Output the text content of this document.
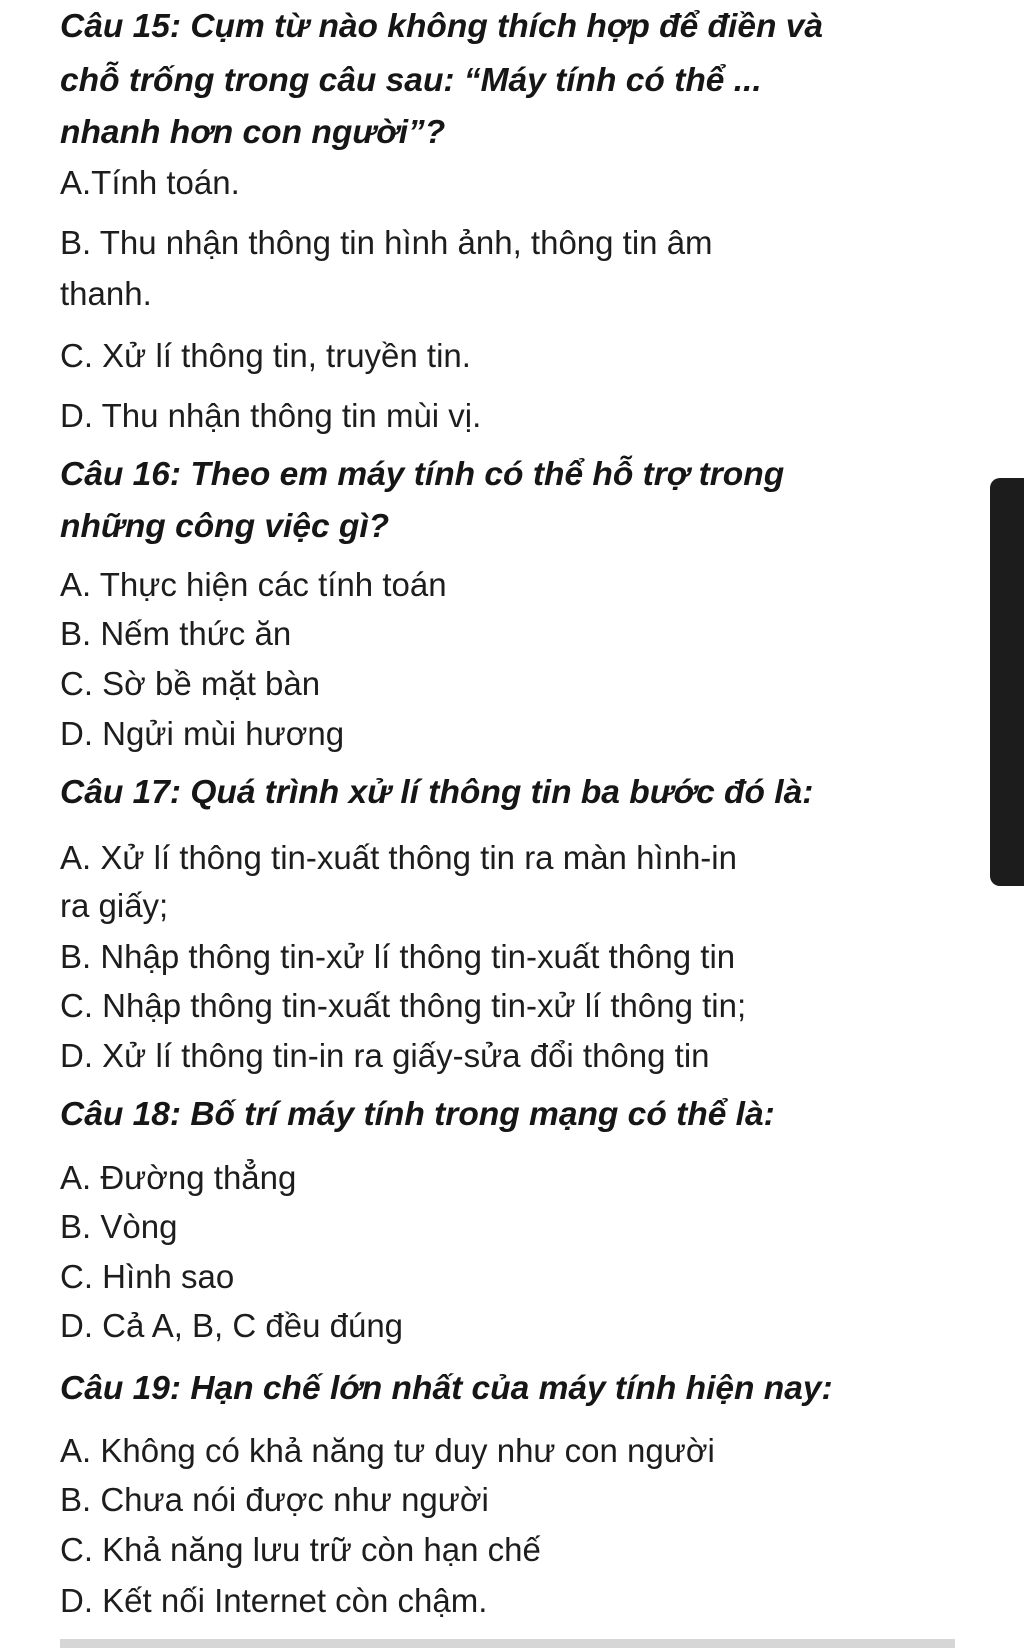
Câu 15: Cụm từ nào không thích hợp để điền và
chỗ trống trong câu sau: “Máy tính có thể ...
nhanh hơn con người”?
A.Tính toán.
B. Thu nhận thông tin hình ảnh, thông tin âm
thanh.
C. Xử lí thông tin, truyền tin.
D. Thu nhận thông tin mùi vị.
Câu 16: Theo em máy tính có thể hỗ trợ trong
những công việc gì?
A. Thực hiện các tính toán
B. Nếm thức ăn
C. Sờ bề mặt bàn
D. Ngửi mùi hương
Câu 17: Quá trình xử lí thông tin ba bước đó là:
A. Xử lí thông tin-xuất thông tin ra màn hình-in
ra giấy;
B. Nhập thông tin-xử lí thông tin-xuất thông tin
C. Nhập thông tin-xuất thông tin-xử lí thông tin;
D. Xử lí thông tin-in ra giấy-sửa đổi thông tin
Câu 18: Bố trí máy tính trong mạng có thể là:
A. Đường thẳng
B. Vòng
C. Hình sao
D. Cả A, B, C đều đúng
Câu 19: Hạn chế lớn nhất của máy tính hiện nay:
A. Không có khả năng tư duy như con người
B. Chưa nói được như người
C. Khả năng lưu trữ còn hạn chế
D. Kết nối Internet còn chậm.
